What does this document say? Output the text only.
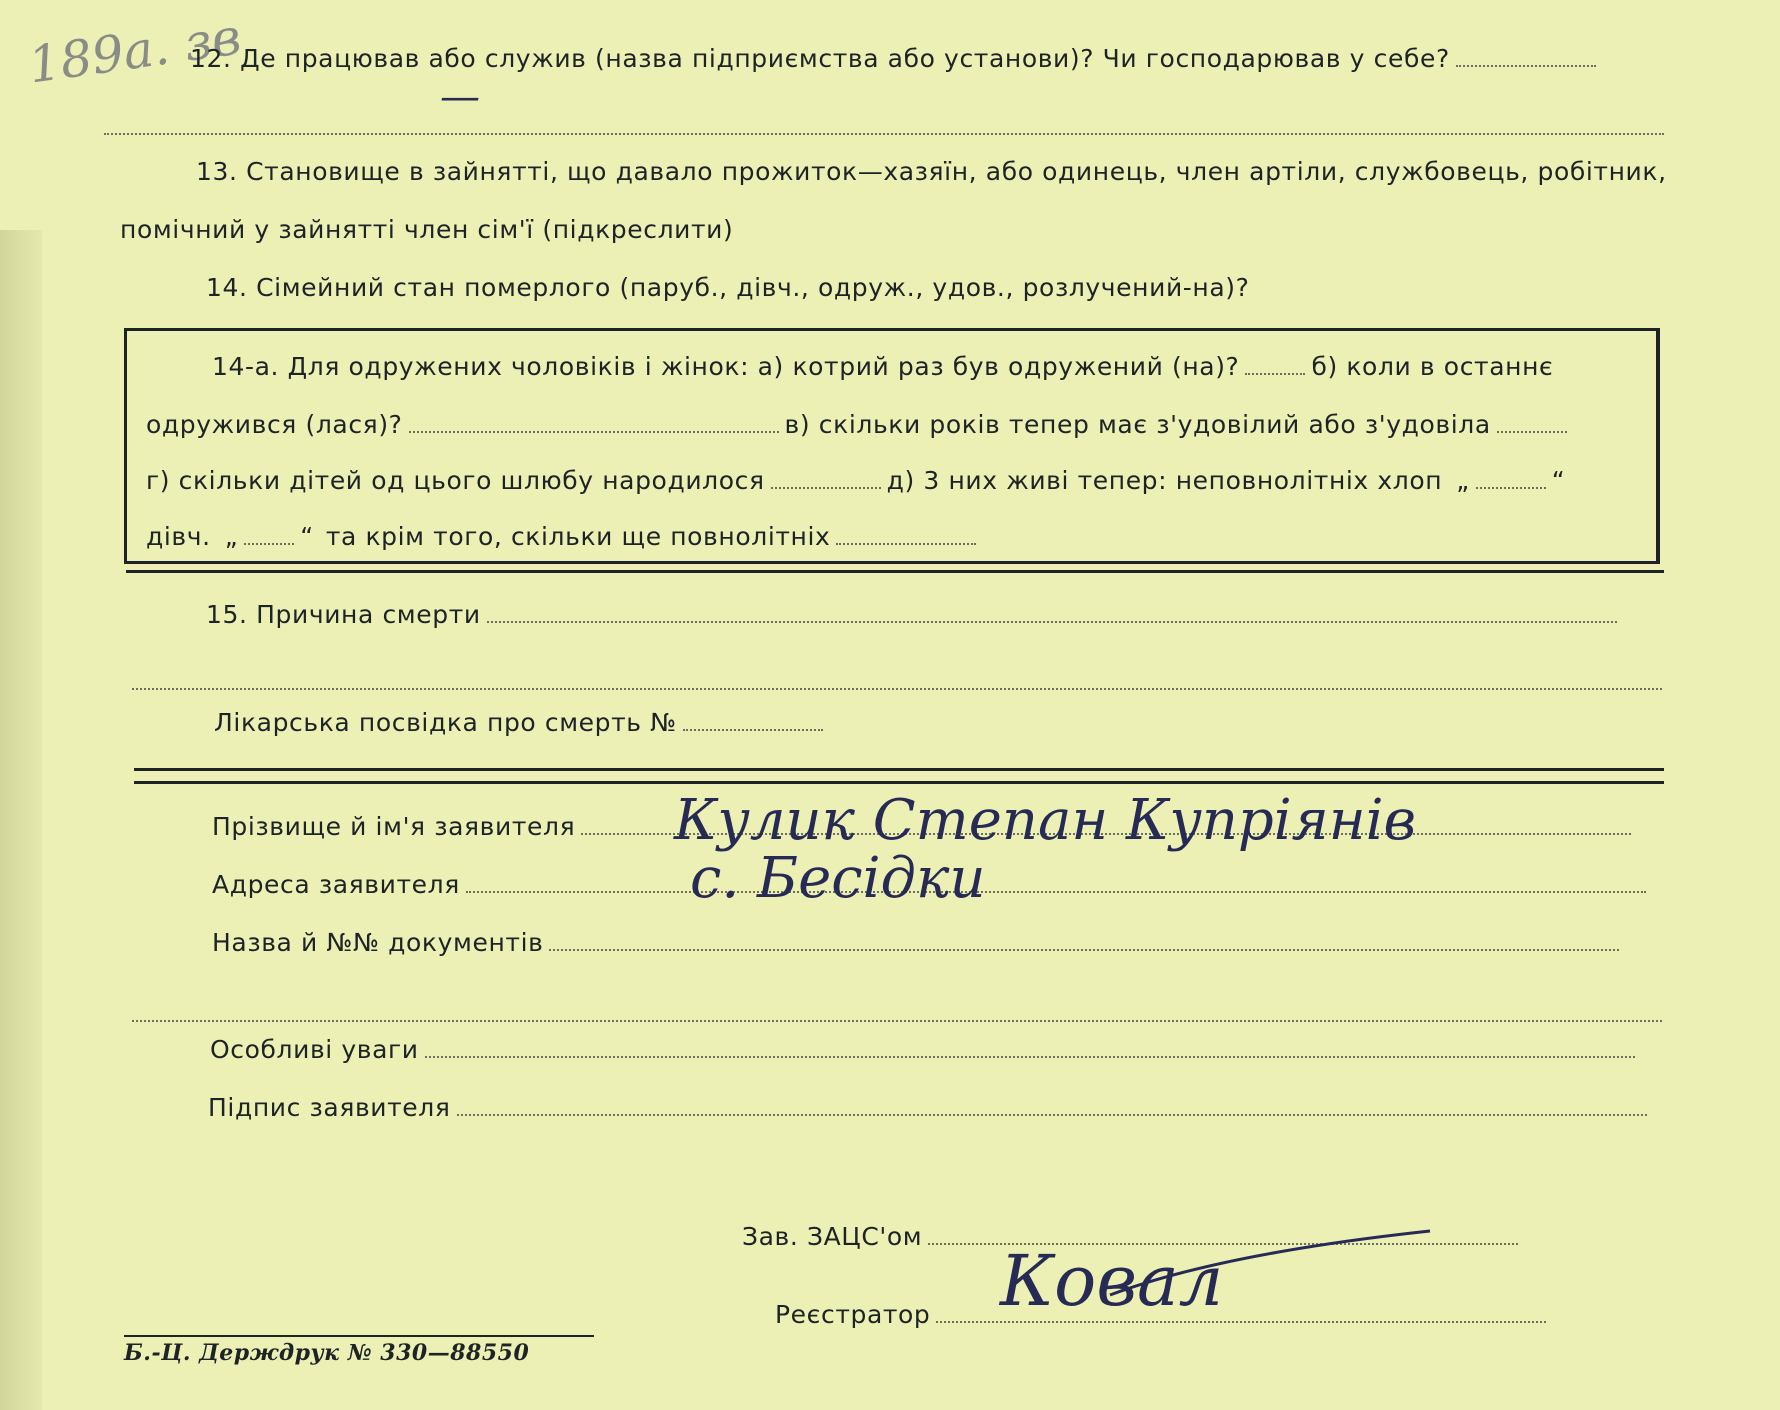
189а. зв
12. Де працював або служив (назва підприємства або установи)? Чи господарював у себе?
—
13. Становище в зайнятті, що давало прожиток—хазяїн, або одинець, член артіли, службовець, робітник,
помічний у зайнятті член сім'ї (підкреслити)
14. Сімейний стан померлого (паруб., дівч., одруж., удов., розлучений-на)?
14-а. Для одружених чоловіків і жінок: а) котрий раз був одружений (на)?	б) коли в останнє
одружився (лася)?	в) скільки років тепер має з'удовілий або з'удовіла
г) скільки дітей од цього шлюбу народилося	д) 3 них живі тепер: неповнолітніх хлоп „	“
дівч. „ “ та крім того, скільки ще повнолітніх
15. Причина смерти
Лікарська посвідка про смерть №
Прізвище й ім'я заявителя Кулик Степан Купріянів
Адреса заявителя	с. Бесідки
Назва й №№ документів
Особливі уваги
Підпис заявителя
Зав. ЗАЦС'ом
Реєстратор Ковал
Б.-Ц. Держдрук № 330—88550
